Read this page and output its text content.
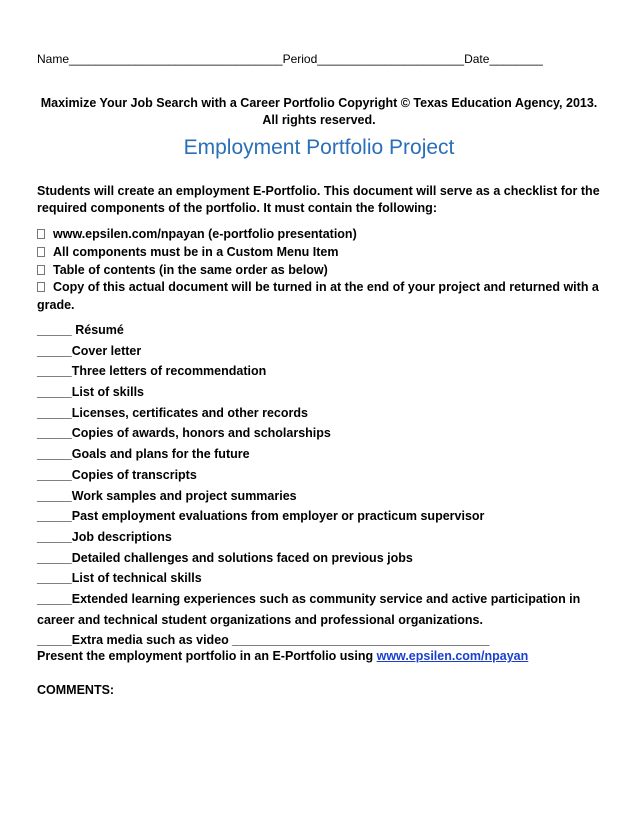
Name________________________________Period______________________Date________
Maximize Your Job Search with a Career Portfolio Copyright © Texas Education Agency, 2013.
All rights reserved.
Employment Portfolio Project
Students will create an employment E-Portfolio. This document will serve as a checklist for the required components of the portfolio. It must contain the following:
www.epsilen.com/npayan (e-portfolio presentation)
All components must be in a Custom Menu Item
Table of contents (in the same order as below)
Copy of this actual document will be turned in at the end of your project and returned with a grade.
_____ Résumé
_____Cover letter
_____Three letters of recommendation
_____List of skills
_____Licenses, certificates and other records
_____Copies of awards, honors and scholarships
_____Goals and plans for the future
_____Copies of transcripts
_____Work samples and project summaries
_____Past employment evaluations from employer or practicum supervisor
_____Job descriptions
_____Detailed challenges and solutions faced on previous jobs
_____List of technical skills
_____Extended learning experiences such as community service and active participation in career and technical student organizations and professional organizations.
_____Extra media such as video _____________________________________
Present the employment portfolio in an E-Portfolio using www.epsilen.com/npayan
COMMENTS:
